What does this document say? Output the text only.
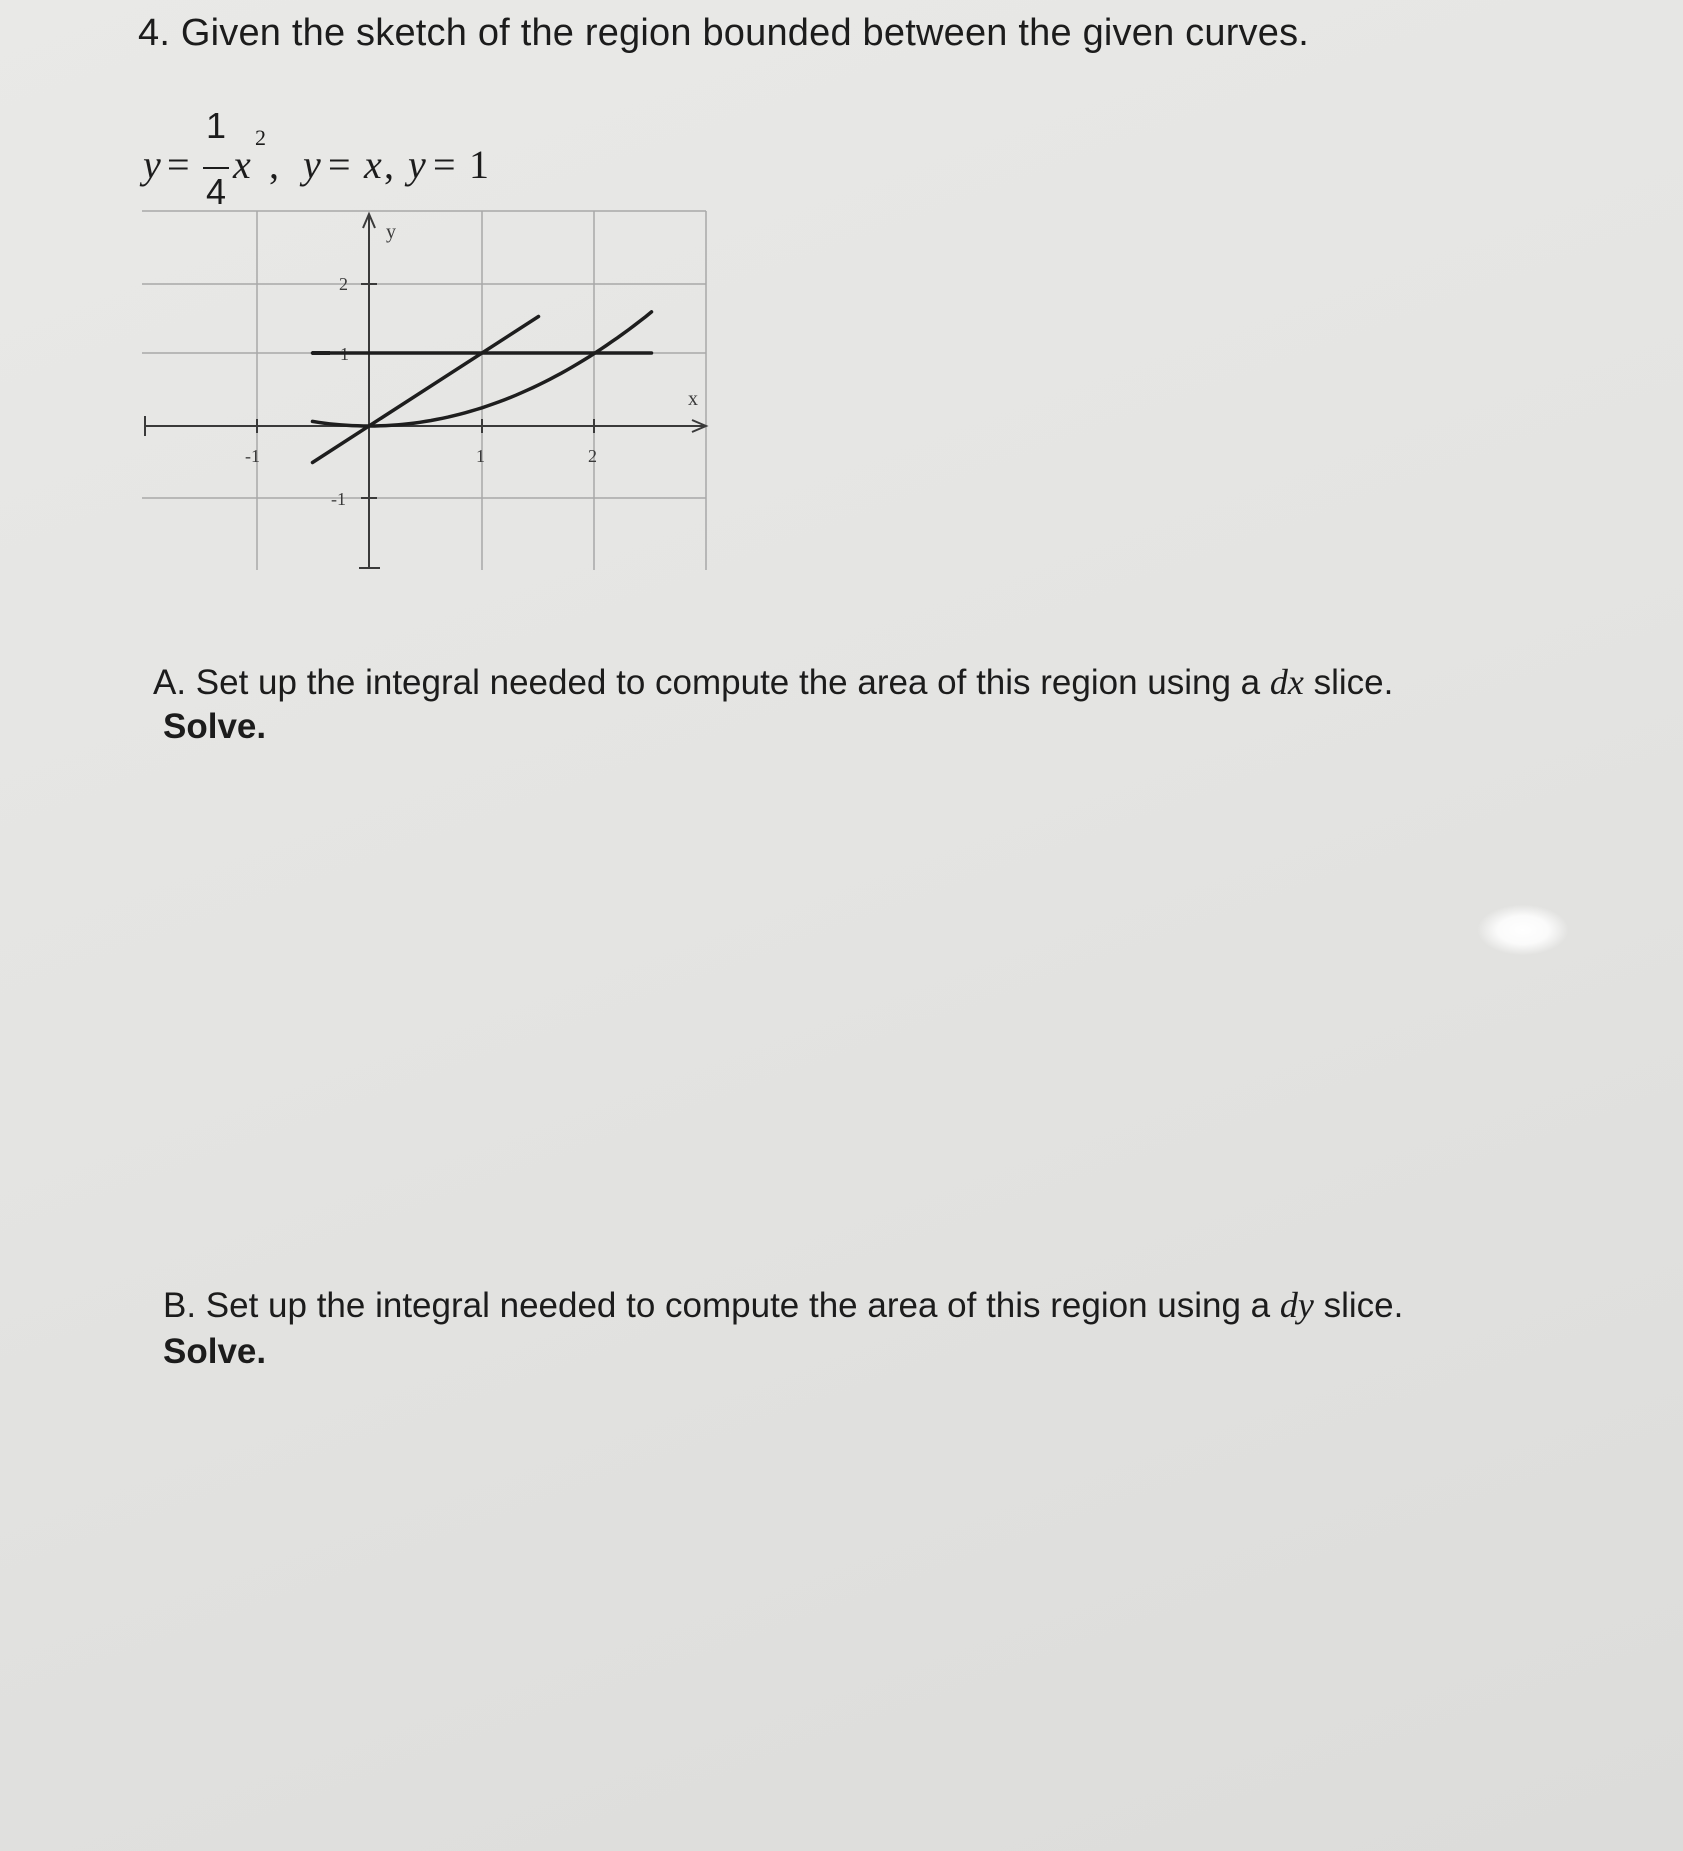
4. Given the sketch of the region bounded between the given curves.
y =
1
4
x
2
, y = x , y = 1
y
x
-1	1	2
2
1
-1
A. Set up the integral needed to compute the area of this region using a dx slice.
Solve.
B. Set up the integral needed to compute the area of this region using a dy slice.
Solve.
